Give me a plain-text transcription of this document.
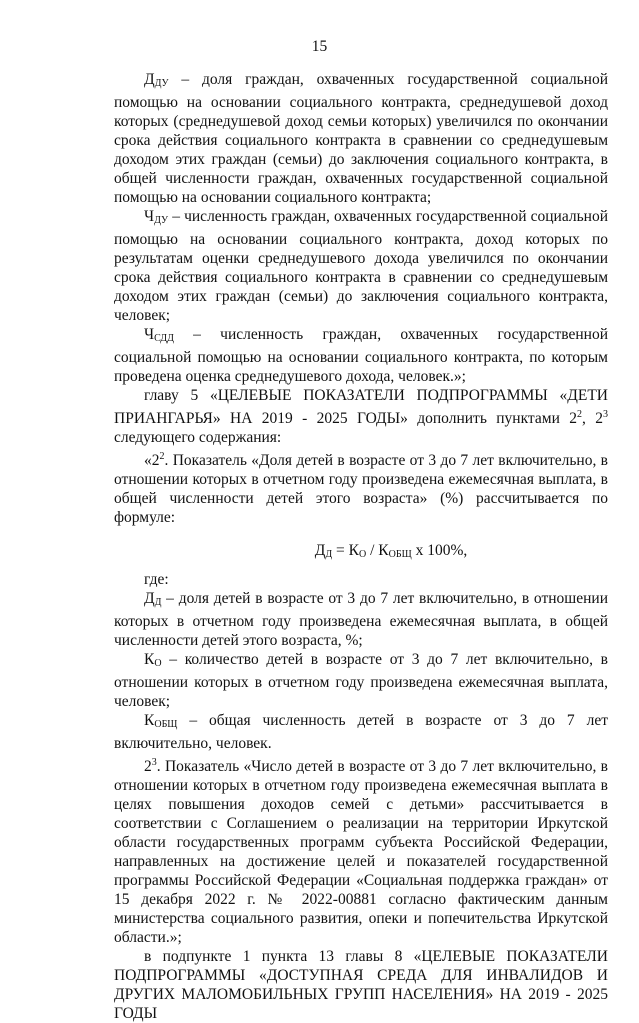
15

$Д_{ДУ}$ – доля граждан, охваченных государственной социальной помощью на основании социального контракта, среднедушевой доход которых (среднедушевой доход семьи которых) увеличился по окончании срока действия социального контракта в сравнении со среднедушевым доходом этих граждан (семьи) до заключения социального контракта, в общей численности граждан, охваченных государственной социальной помощью на основании социального контракта;

$Ч_{ДУ}$ – численность граждан, охваченных государственной социальной помощью на основании социального контракта, доход которых по результатам оценки среднедушевого дохода увеличился по окончании срока действия социального контракта в сравнении со среднедушевым доходом этих граждан (семьи) до заключения социального контракта, человек;

$Ч_{СДД}$ – численность граждан, охваченных государственной социальной помощью на основании социального контракта, по которым проведена оценка среднедушевого дохода, человек.»;

главу 5 «ЦЕЛЕВЫЕ ПОКАЗАТЕЛИ ПОДПРОГРАММЫ «ДЕТИ ПРИАНГАРЬЯ» НА 2019 - 2025 ГОДЫ» дополнить пунктами $2^2$, $2^3$ следующего содержания:

«$2^2$. Показатель «Доля детей в возрасте от 3 до 7 лет включительно, в отношении которых в отчетном году произведена ежемесячная выплата, в общей численности детей этого возраста» (%) рассчитывается по формуле:

$Д_Д = К_О / К_{ОБЩ}$ х 100%,

где:

$Д_Д$ – доля детей в возрасте от 3 до 7 лет включительно, в отношении которых в отчетном году произведена ежемесячная выплата, в общей численности детей этого возраста, %;

$К_О$ – количество детей в возрасте от 3 до 7 лет включительно, в отношении которых в отчетном году произведена ежемесячная выплата, человек;

$К_{ОБЩ}$ – общая численность детей в возрасте от 3 до 7 лет включительно, человек.

$2^3$. Показатель «Число детей в возрасте от 3 до 7 лет включительно, в отношении которых в отчетном году произведена ежемесячная выплата в целях повышения доходов семей с детьми» рассчитывается в соответствии с Соглашением о реализации на территории Иркутской области государственных программ субъекта Российской Федерации, направленных на достижение целей и показателей государственной программы Российской Федерации «Социальная поддержка граждан» от 15 декабря 2022 г. № 2022-00881 согласно фактическим данным министерства социального развития, опеки и попечительства Иркутской области.»;

в подпункте 1 пункта 13 главы 8 «ЦЕЛЕВЫЕ ПОКАЗАТЕЛИ ПОДПРОГРАММЫ «ДОСТУПНАЯ СРЕДА ДЛЯ ИНВАЛИДОВ И ДРУГИХ МАЛОМОБИЛЬНЫХ ГРУПП НАСЕЛЕНИЯ» НА 2019 - 2025 ГОДЫ
